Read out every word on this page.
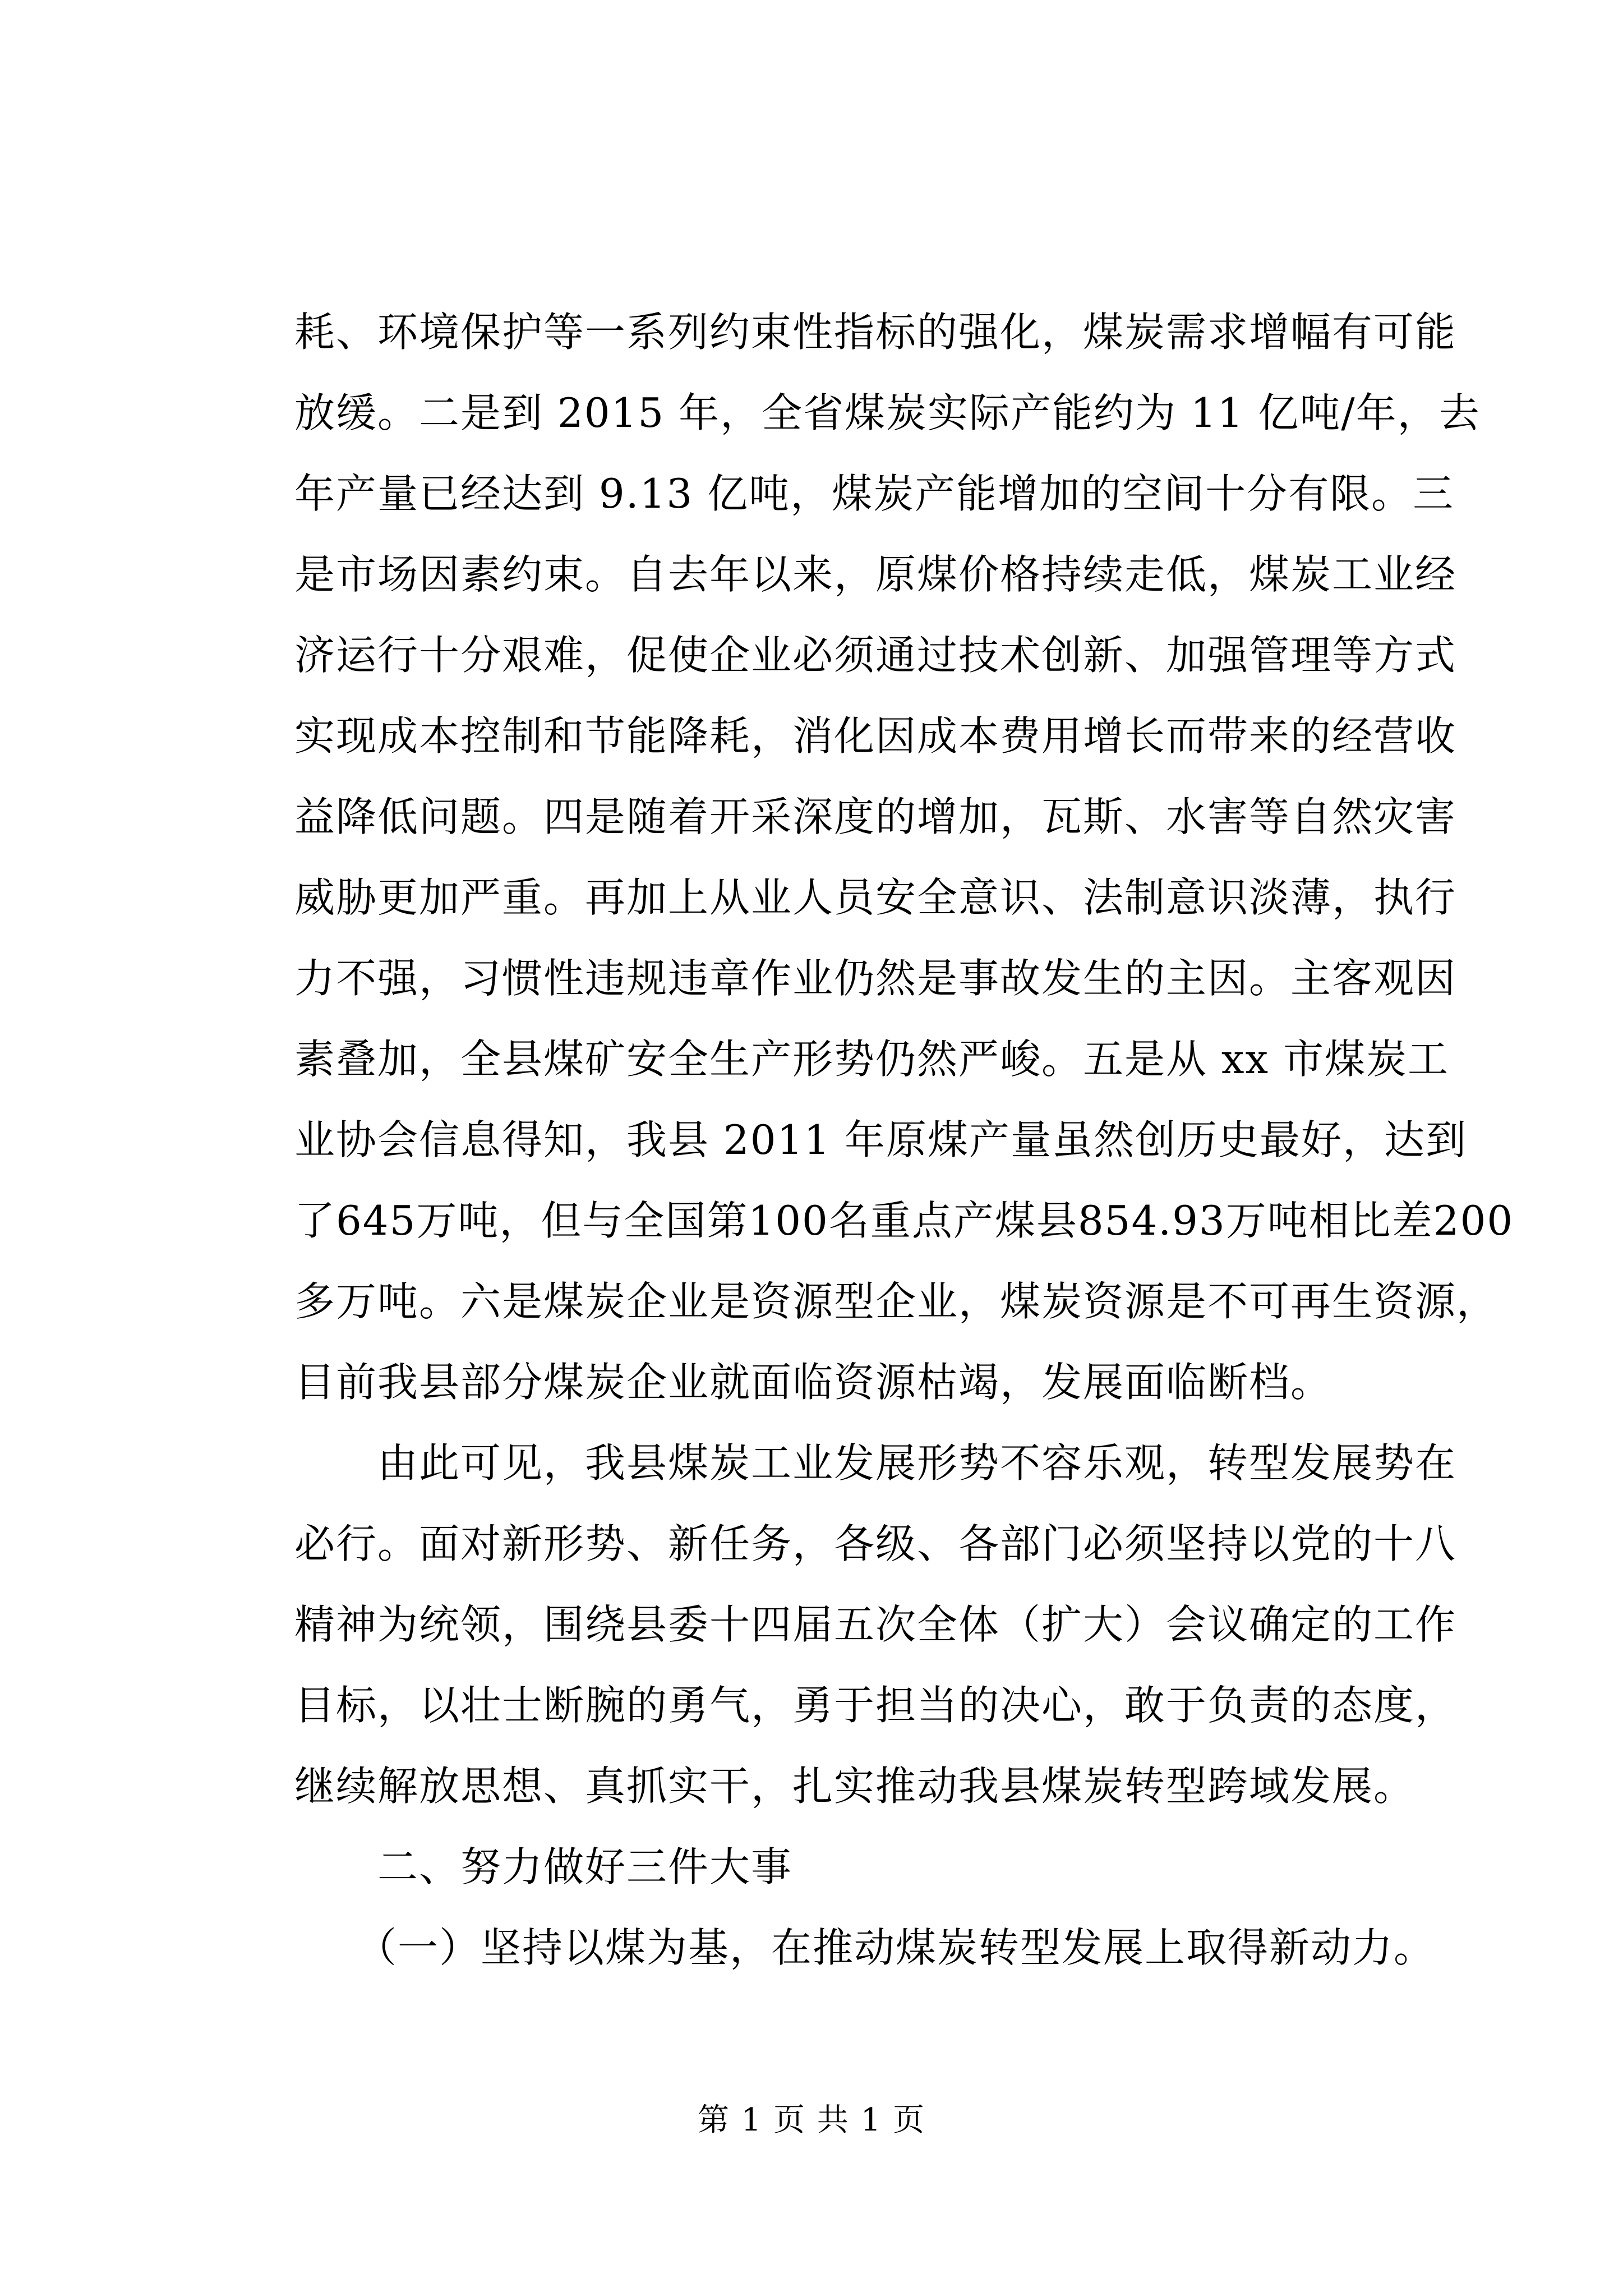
耗、环境保护等一系列约束性指标的强化，煤炭需求增幅有可能
放缓。二是到 2015 年，全省煤炭实际产能约为 11 亿吨/年，去
年产量已经达到 9.13 亿吨，煤炭产能增加的空间十分有限。三
是市场因素约束。自去年以来，原煤价格持续走低，煤炭工业经
济运行十分艰难，促使企业必须通过技术创新、加强管理等方式
实现成本控制和节能降耗，消化因成本费用增长而带来的经营收
益降低问题。四是随着开采深度的增加，瓦斯、水害等自然灾害
威胁更加严重。再加上从业人员安全意识、法制意识淡薄，执行
力不强，习惯性违规违章作业仍然是事故发生的主因。主客观因
素叠加，全县煤矿安全生产形势仍然严峻。五是从 xx 市煤炭工
业协会信息得知，我县 2011 年原煤产量虽然创历史最好，达到
了645万吨，但与全国第100名重点产煤县854.93万吨相比差200
多万吨。六是煤炭企业是资源型企业，煤炭资源是不可再生资源，
目前我县部分煤炭企业就面临资源枯竭，发展面临断档。
由此可见，我县煤炭工业发展形势不容乐观，转型发展势在
必行。面对新形势、新任务，各级、各部门必须坚持以党的十八
精神为统领，围绕县委十四届五次全体（扩大）会议确定的工作
目标，以壮士断腕的勇气，勇于担当的决心，敢于负责的态度，
继续解放思想、真抓实干，扎实推动我县煤炭转型跨域发展。
二、努力做好三件大事
（一）坚持以煤为基，在推动煤炭转型发展上取得新动力。
第 1 页 共 1 页
